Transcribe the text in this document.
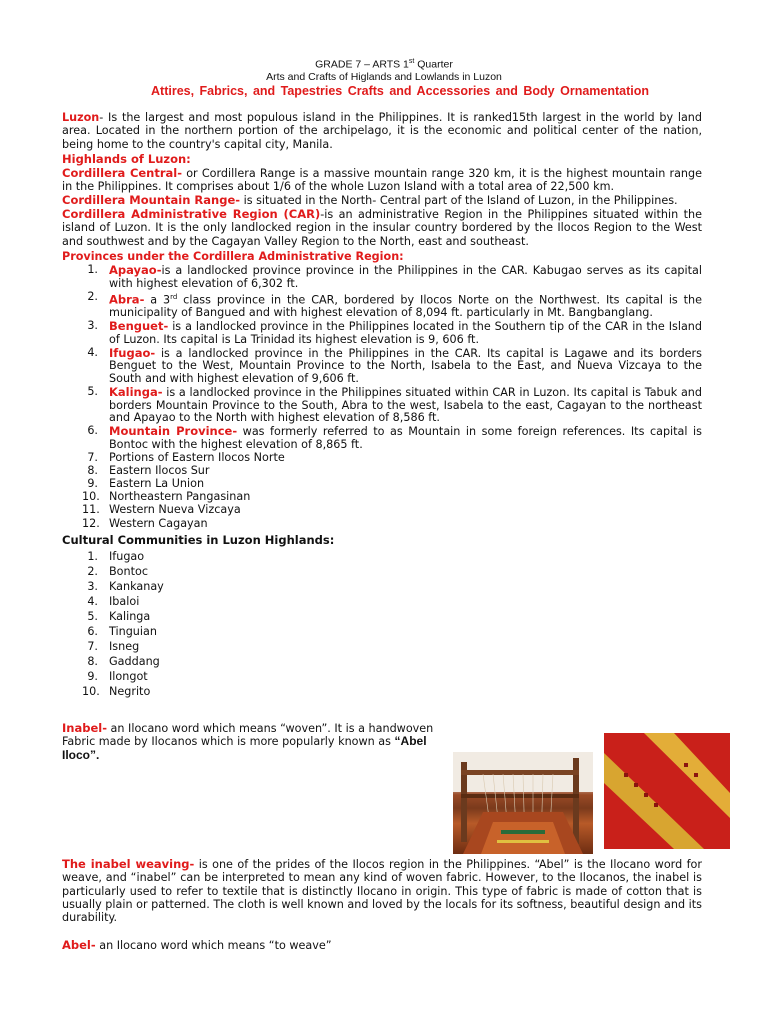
GRADE 7 – ARTS 1st Quarter
Arts and Crafts of Higlands and Lowlands in Luzon
Attires, Fabrics, and Tapestries Crafts and Accessories and Body Ornamentation
Luzon- Is the largest and most populous island in the Philippines. It is ranked15th largest in the world by land area. Located in the northern portion of the archipelago, it is the economic and political center of the nation, being home to the country's capital city, Manila.
Highlands of Luzon:
Cordillera Central- or Cordillera Range is a massive mountain range 320 km, it is the highest mountain range in the Philippines. It comprises about 1/6 of the whole Luzon Island with a total area of 22,500 km.
Cordillera Mountain Range- is situated in the North- Central part of the Island of Luzon, in the Philippines.
Cordillera Administrative Region (CAR)-is an administrative Region in the Philippines situated within the island of Luzon. It is the only landlocked region in the insular country bordered by the Ilocos Region to the West and southwest and by the Cagayan Valley Region to the North, east and southeast.
Provinces under the Cordillera Administrative Region:
1. Apayao-is a landlocked province province in the Philippines in the CAR. Kabugao serves as its capital with highest elevation of 6,302 ft.
2. Abra- a 3rd class province in the CAR, bordered by Ilocos Norte on the Northwest. Its capital is the municipality of Bangued and with highest elevation of 8,094 ft. particularly in Mt. Bangbanglang.
3. Benguet- is a landlocked province in the Philippines located in the Southern tip of the CAR in the Island of Luzon. Its capital is La Trinidad its highest elevation is 9, 606 ft.
4. Ifugao- is a landlocked province in the Philippines in the CAR. Its capital is Lagawe and its borders Benguet to the West, Mountain Province to the North, Isabela to the East, and Nueva Vizcaya to the South and with highest elevation of 9,606 ft.
5. Kalinga- is a landlocked province in the Philippines situated within CAR in Luzon. Its capital is Tabuk and borders Mountain Province to the South, Abra to the west, Isabela to the east, Cagayan to the northeast and Apayao to the North with highest elevation of 8,586 ft.
6. Mountain Province- was formerly referred to as Mountain in some foreign references. Its capital is Bontoc with the highest elevation of 8,865 ft.
7. Portions of Eastern Ilocos Norte
8. Eastern Ilocos Sur
9. Eastern La Union
10. Northeastern Pangasinan
11. Western Nueva Vizcaya
12. Western Cagayan
Cultural Communities in Luzon Highlands:
1. Ifugao
2. Bontoc
3. Kankanay
4. Ibaloi
5. Kalinga
6. Tinguian
7. Isneg
8. Gaddang
9. Ilongot
10. Negrito
Inabel- an Ilocano word which means “woven”. It is a handwoven
Fabric made by Ilocanos which is more popularly known as “Abel Iloco”.
The inabel weaving- is one of the prides of the Ilocos region in the Philippines. “Abel” is the Ilocano word for weave, and “inabel” can be interpreted to mean any kind of woven fabric. However, to the Ilocanos, the inabel is particularly used to refer to textile that is distinctly Ilocano in origin. This type of fabric is made of cotton that is usually plain or patterned. The cloth is well known and loved by the locals for its softness, beautiful design and its durability.
Abel- an Ilocano word which means “to weave”
